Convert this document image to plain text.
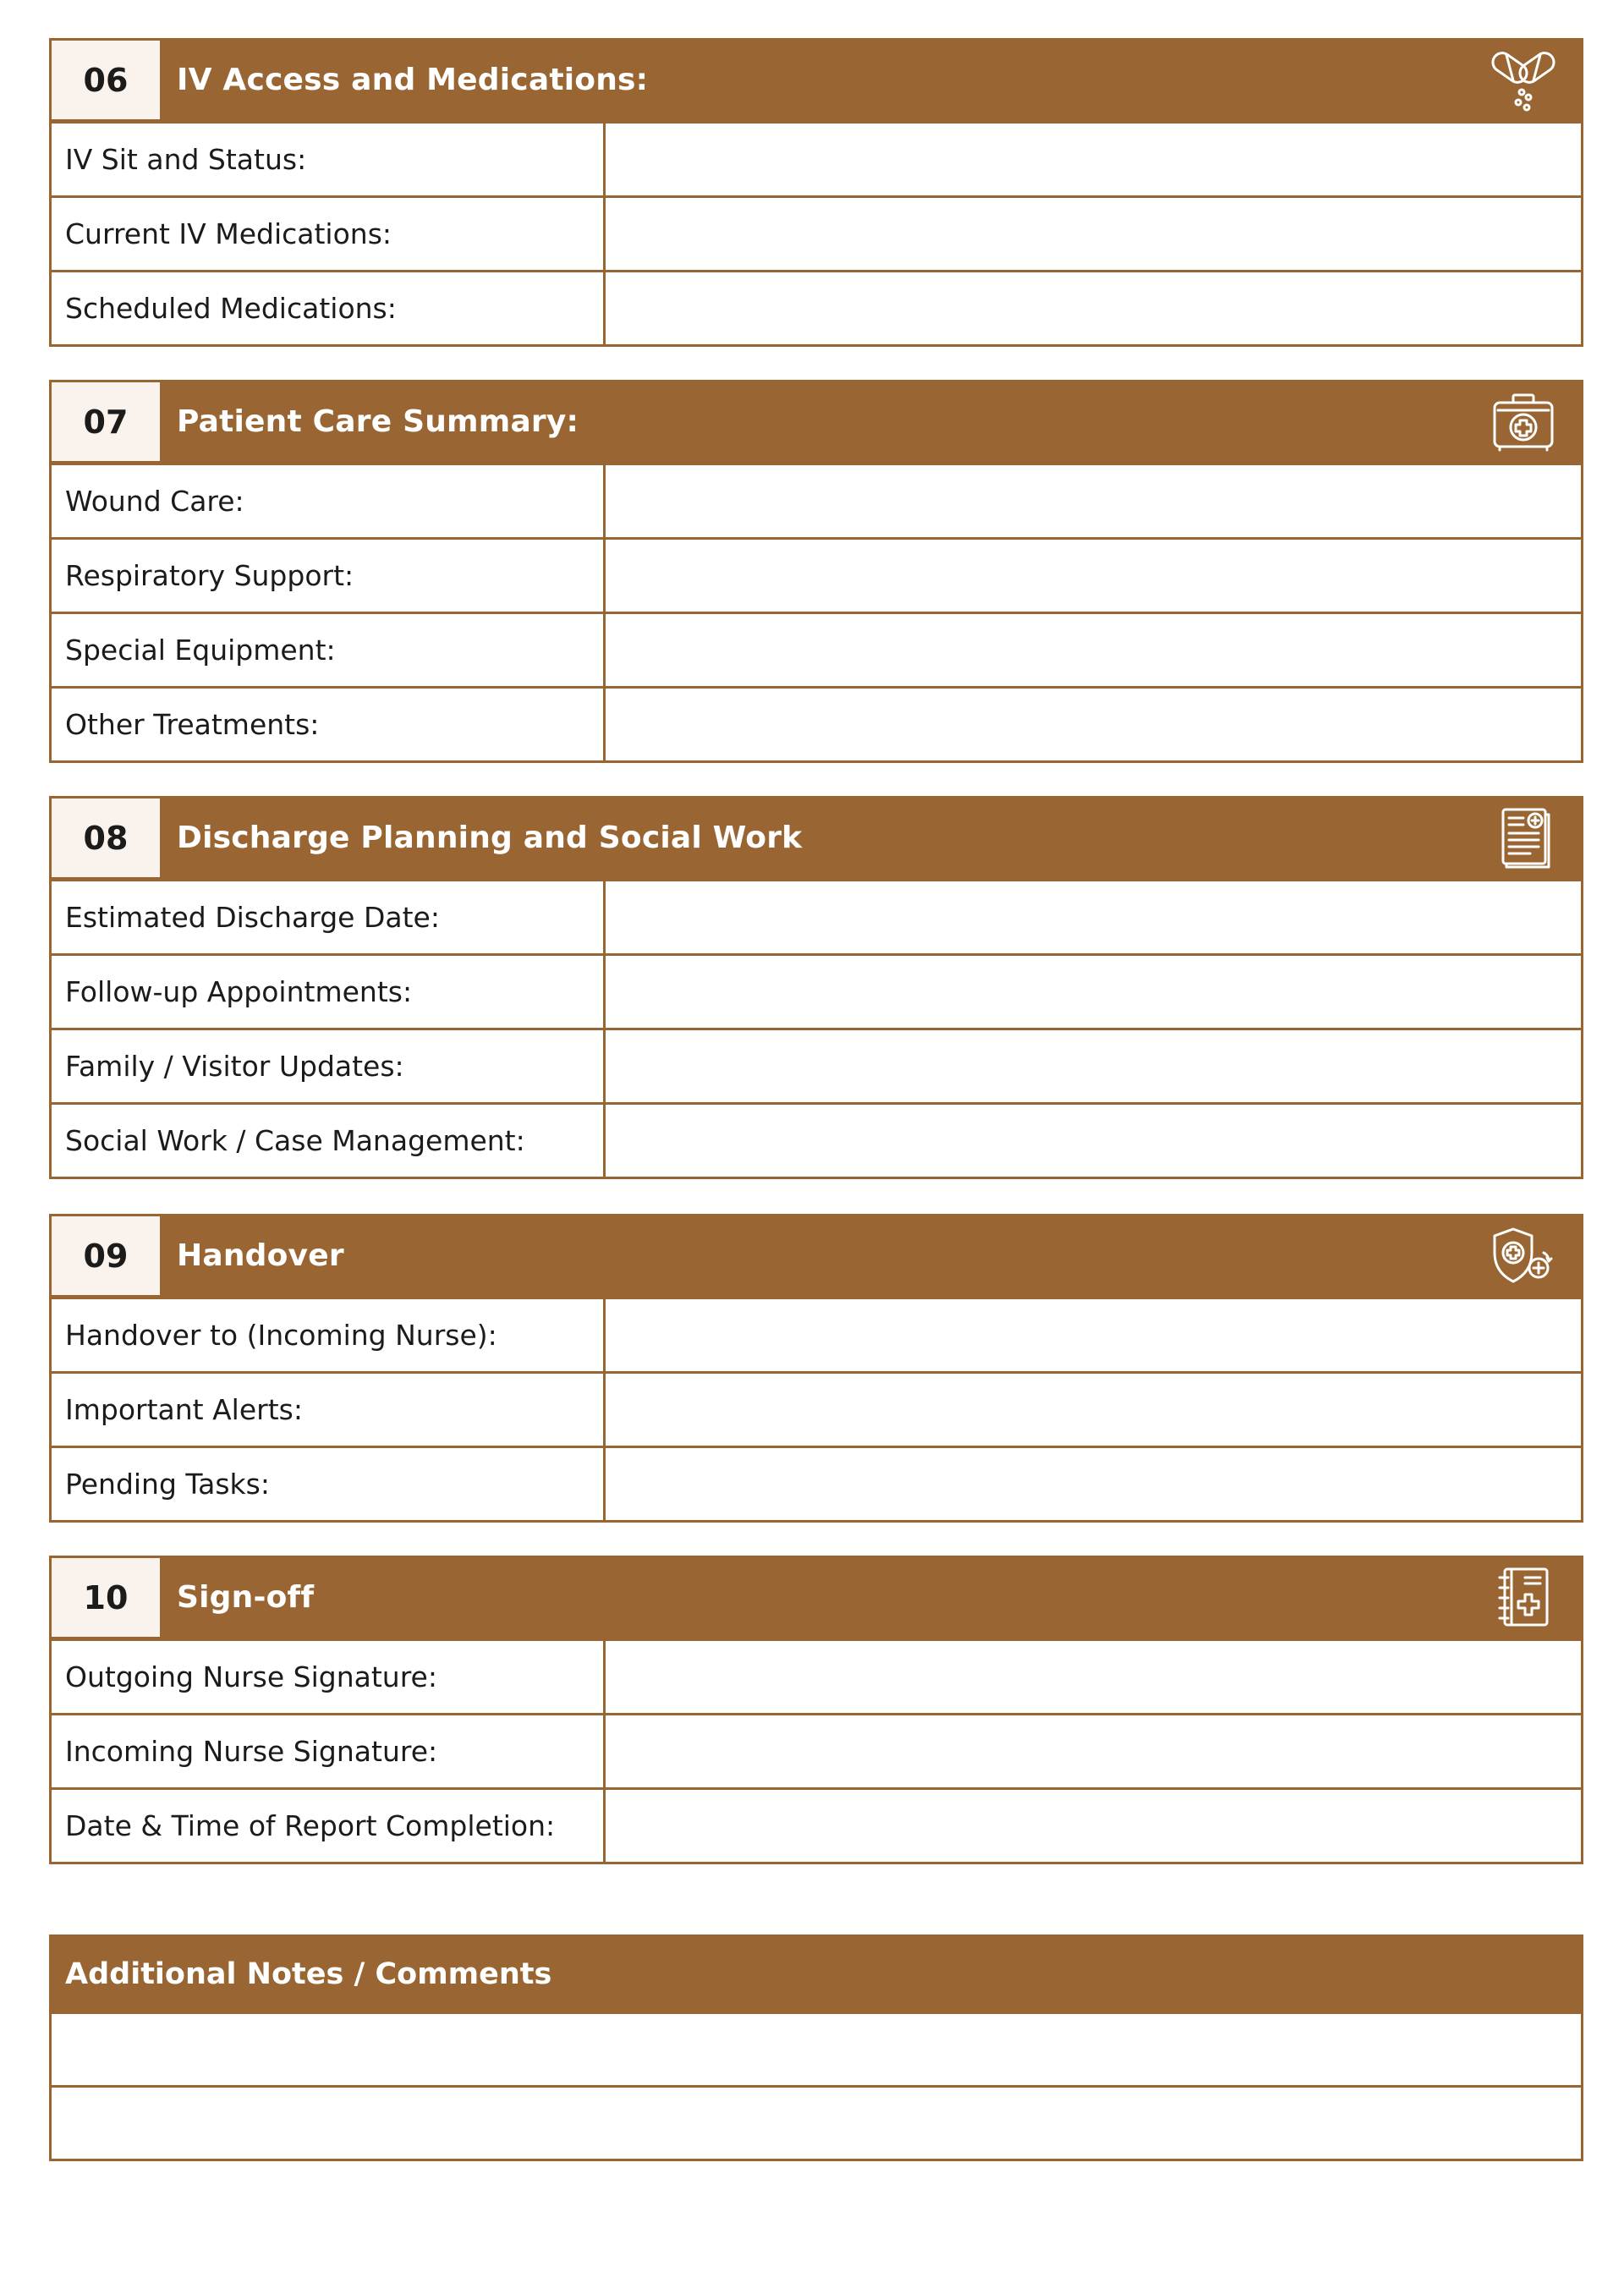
06	IV Access and Medications:
IV Sit and Status:
Current IV Medications:
Scheduled Medications:
07	Patient Care Summary:
Wound Care:
Respiratory Support:
Special Equipment:
Other Treatments:
08	Discharge Planning and Social Work
Estimated Discharge Date:
Follow-up Appointments:
Family / Visitor Updates:
Social Work / Case Management:
09	Handover
Handover to (Incoming Nurse):
Important Alerts:
Pending Tasks:
10	Sign-off
Outgoing Nurse Signature:
Incoming Nurse Signature:
Date & Time of Report Completion:
Additional Notes / Comments
